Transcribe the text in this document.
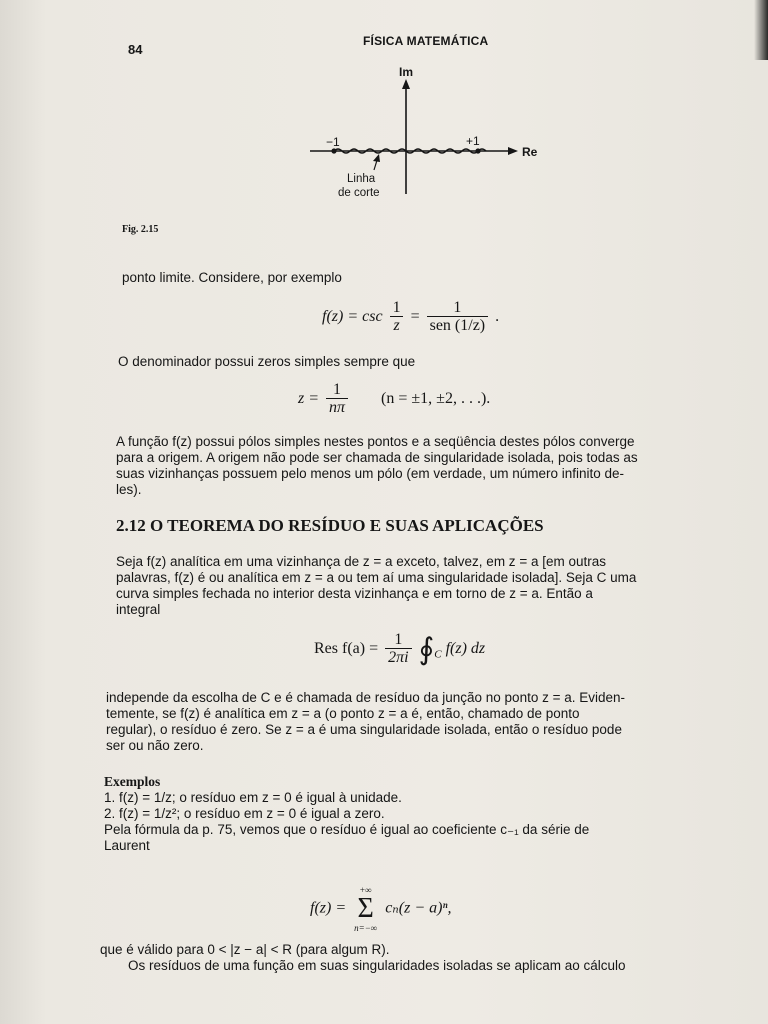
84
FÍSICA MATEMÁTICA
Im
Re
−1	+1
Linha
de corte
Fig. 2.15
ponto limite. Considere, por exemplo
$f(z) = \csc \frac{1}{z} = \frac{1}{\text{sen (1/z)}}$ .
O denominador possui zeros simples sempre que
$z = \frac{1}{n\pi} (n = \pm 1$, ±2, . . .).
A função f(z) possui pólos simples nestes pontos e a seqüência destes pólos converge
para a origem. A origem não pode ser chamada de singularidade isolada, pois todas as
suas vizinhanças possuem pelo menos um pólo (em verdade, um número infinito de-
les).
2.12 O TEOREMA DO RESÍDUO E SUAS APLICAÇÕES
Seja f(z) analítica em uma vizinhança de z = a exceto, talvez, em z = a [em outras
palavras, f(z) é ou analítica em z = a ou tem aí uma singularidade isolada]. Seja C uma
curva simples fechada no interior desta vizinhança e em torno de z = a. Então a
integral
Res $f(a) = \frac{1}{2\pi i}$ $∮_C$ f(z) dz
independe da escolha de C e é chamada de resíduo da junção no ponto z = a. Eviden-
temente, se f(z) é analítica em z = a (o ponto z = a é, então, chamado de ponto
regular), o resíduo é zero. Se z = a é uma singularidade isolada, então o resíduo pode
ser ou não zero.
Exemplos
1. f(z) = 1/z; o resíduo em z = 0 é igual à unidade.
2. f(z) = 1/z²; o resíduo em z = 0 é igual a zero.
Pela fórmula da p. 75, vemos que o resíduo é igual ao coeficiente c₋₁ da série de
Laurent
f(z) =
+∞
Σ
n=−∞
cₙ(z − a)ⁿ,
que é válido para 0 < |z − a| < R (para algum R).
Os resíduos de uma função em suas singularidades isoladas se aplicam ao cálculo
